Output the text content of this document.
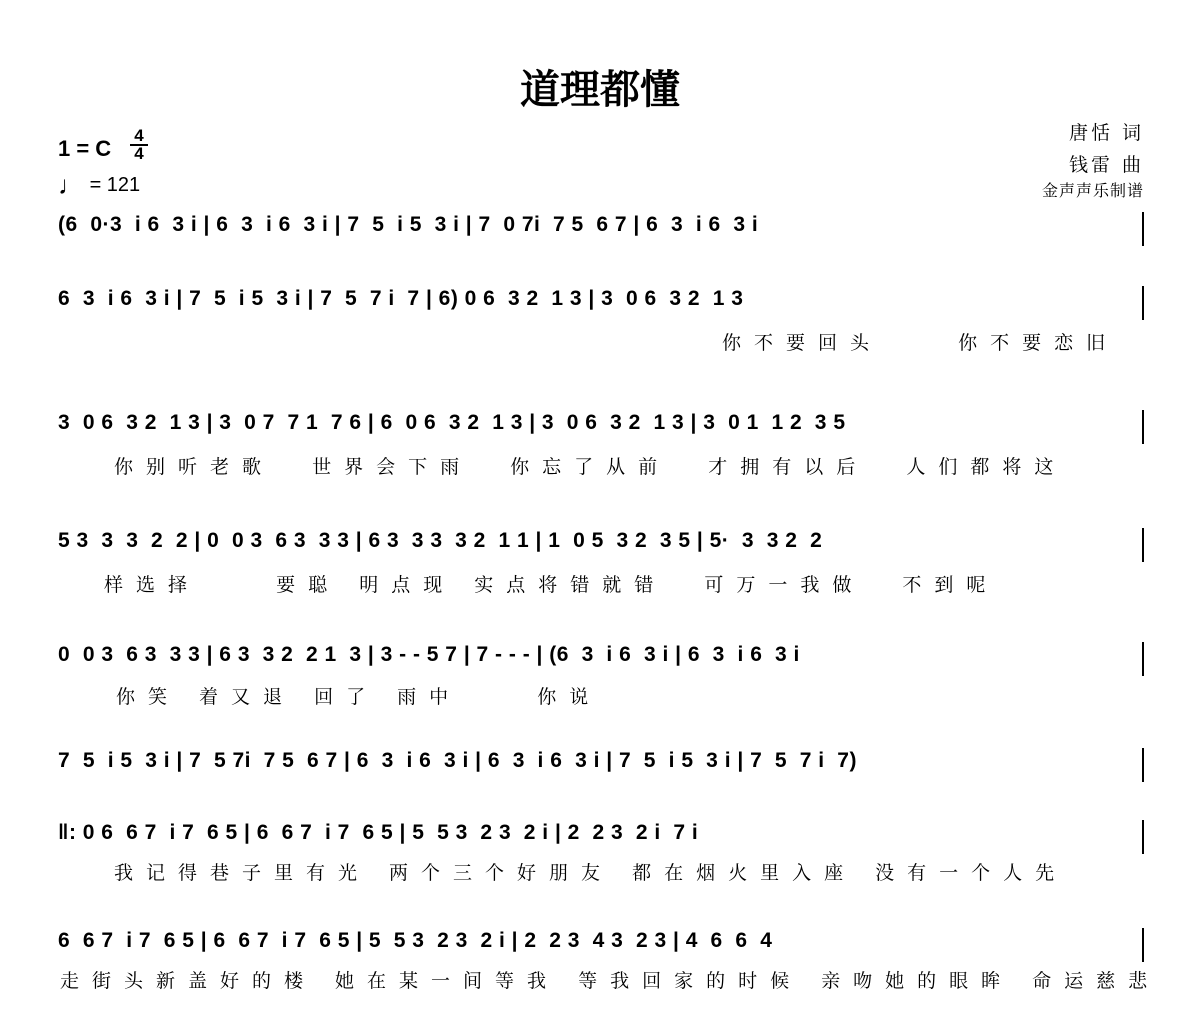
道理都懂
1 = C
4
4
♩ = 121
唐恬 词
钱雷 曲
金声声乐制谱
(6  0·3  i 6  3 i | 6  3  i 6  3 i | 7  5  i 5  3 i | 7  0 7i  7 5  6 7 | 6  3  i 6  3 i
6  3  i 6  3 i | 7  5  i 5  3 i | 7  5  7 i  7 | 6) 0 6  3 2  1 3 | 3  0 6  3 2  1 3
你不要回头    你不要恋旧
3  0 6  3 2  1 3 | 3  0 7  7 1  7 6 | 6  0 6  3 2  1 3 | 3  0 6  3 2  1 3 | 3  0 1  1 2  3 5
你别听老歌  世界会下雨  你忘了从前  才拥有以后  人们都将这
5 3  3  3  2  2 | 0  0 3  6 3  3 3 | 6 3  3 3  3 2  1 1 | 1  0 5  3 2  3 5 | 5·  3  3 2  2
样选择    要聪 明点现 实点将错就错  可万一我做  不到呢
0  0 3  6 3  3 3 | 6 3  3 2  2 1  3 | 3 - - 5 7 | 7 - - - | (6  3  i 6  3 i | 6  3  i 6  3 i
你笑 着又退 回了 雨中    你说
7  5  i 5  3 i | 7  5 7i  7 5  6 7 | 6  3  i 6  3 i | 6  3  i 6  3 i | 7  5  i 5  3 i | 7  5  7 i  7)
‖: 0 6  6 7  i 7  6 5 | 6  6 7  i 7  6 5 | 5  5 3  2 3  2 i | 2  2 3  2 i  7 i
我记得巷子里有光 两个三个好朋友 都在烟火里入座 没有一个人先
6  6 7  i 7  6 5 | 6  6 7  i 7  6 5 | 5  5 3  2 3  2 i | 2  2 3  4 3  2 3 | 4  6  6  4
走街头新盖好的楼 她在某一间等我 等我回家的时候 亲吻她的眼眸 命运慈悲
